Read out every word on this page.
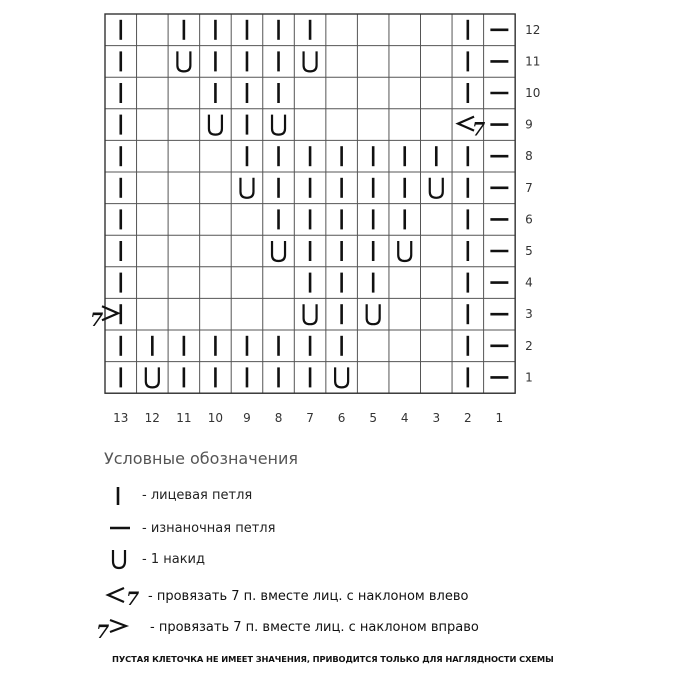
13 12 11 10 9 8 7 6 5 4 3 2 1
1
2
3
4
5
6
7
8
9
10
11
12
7
7
Условные обозначения
- лицевая петля
- изнаночная петля
- 1 накид
7 - провязать 7 п. вместе лиц. с наклоном влево
7	- провязать 7 п. вместе лиц. с наклоном вправо
ПУСТАЯ КЛЕТОЧКА НЕ ИМЕЕТ ЗНАЧЕНИЯ, ПРИВОДИТСЯ ТОЛЬКО ДЛЯ НАГЛЯДНОСТИ СХЕМЫ
